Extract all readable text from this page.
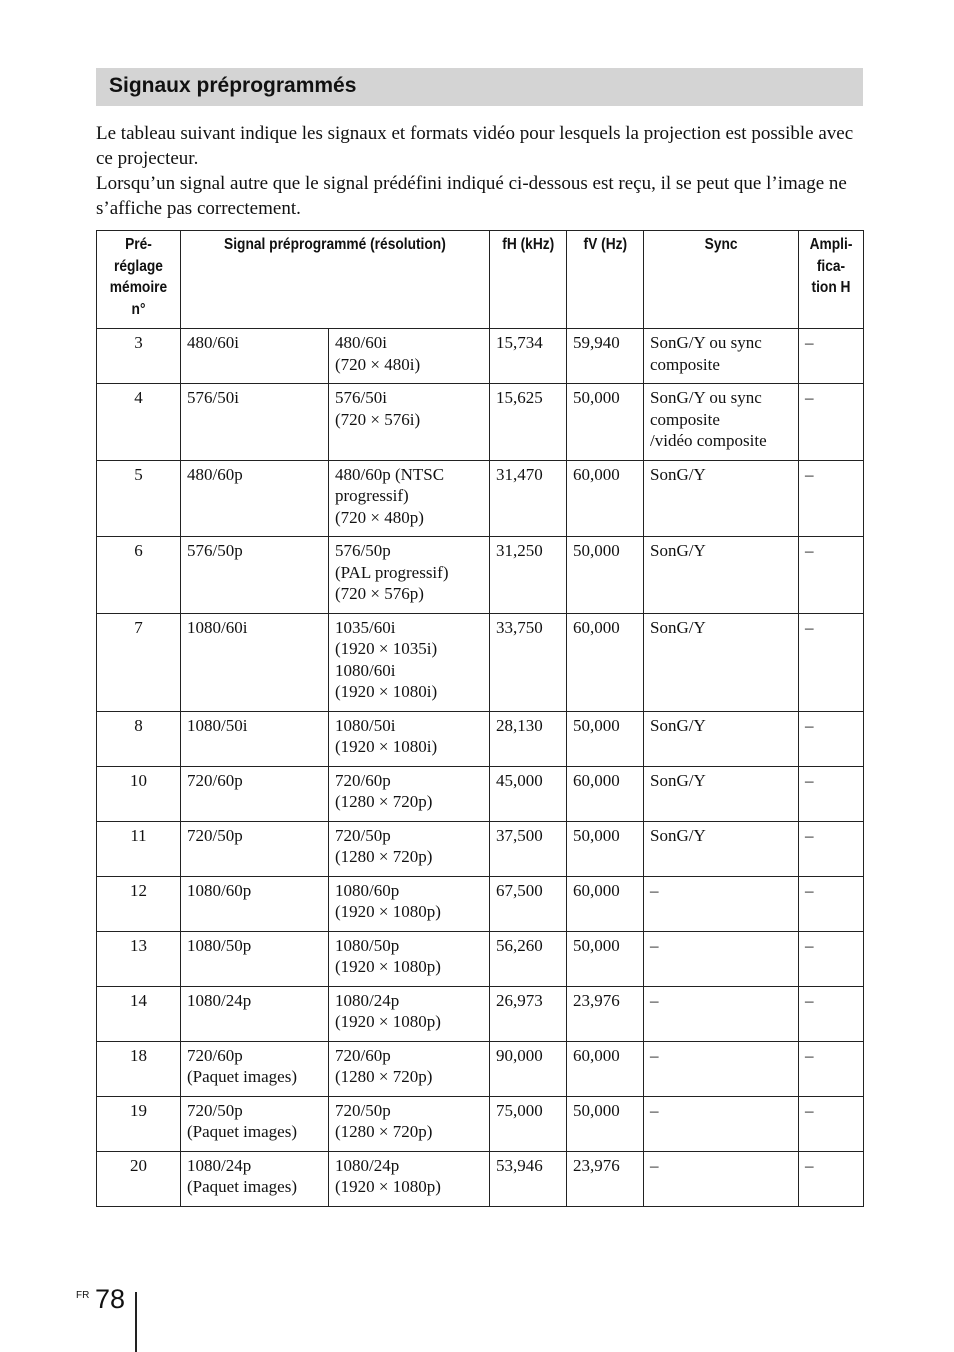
Signaux préprogrammés

Le tableau suivant indique les signaux et formats vidéo pour lesquels la projection est possible avec ce projecteur.

Lorsqu’un signal autre que le signal prédéfini indiqué ci-dessous est reçu, il se peut que l’image ne s’affiche pas correctement.

Pré- réglage mémoire n°	Signal préprogrammé (résolution)		fH (kHz)	fV (Hz)	Sync	Ampli- fica- tion H
3	480/60i	480/60i
(720 × 480i)	15,734	59,940	SonG/Y ou sync
composite	–
4	576/50i	576/50i
(720 × 576i)	15,625	50,000	SonG/Y ou sync
composite
/vidéo composite	–
5	480/60p	480/60p (NTSC
progressif)
(720 × 480p)	31,470	60,000	SonG/Y	–
6	576/50p	576/50p
(PAL progressif)
(720 × 576p)	31,250	50,000	SonG/Y	–
7	1080/60i	1035/60i
(1920 × 1035i)
1080/60i
(1920 × 1080i)	33,750	60,000	SonG/Y	–
8	1080/50i	1080/50i
(1920 × 1080i)	28,130	50,000	SonG/Y	–
10	720/60p	720/60p
(1280 × 720p)	45,000	60,000	SonG/Y	–
11	720/50p	720/50p
(1280 × 720p)	37,500	50,000	SonG/Y	–
12	1080/60p	1080/60p
(1920 × 1080p)	67,500	60,000	–	–
13	1080/50p	1080/50p
(1920 × 1080p)	56,260	50,000	–	–
14	1080/24p	1080/24p
(1920 × 1080p)	26,973	23,976	–	–
18	720/60p
(Paquet images)	720/60p
(1280 × 720p)	90,000	60,000	–	–
19	720/50p
(Paquet images)	720/50p
(1280 × 720p)	75,000	50,000	–	–
20	1080/24p
(Paquet images)	1080/24p
(1920 × 1080p)	53,946	23,976	–	–
FR 78
